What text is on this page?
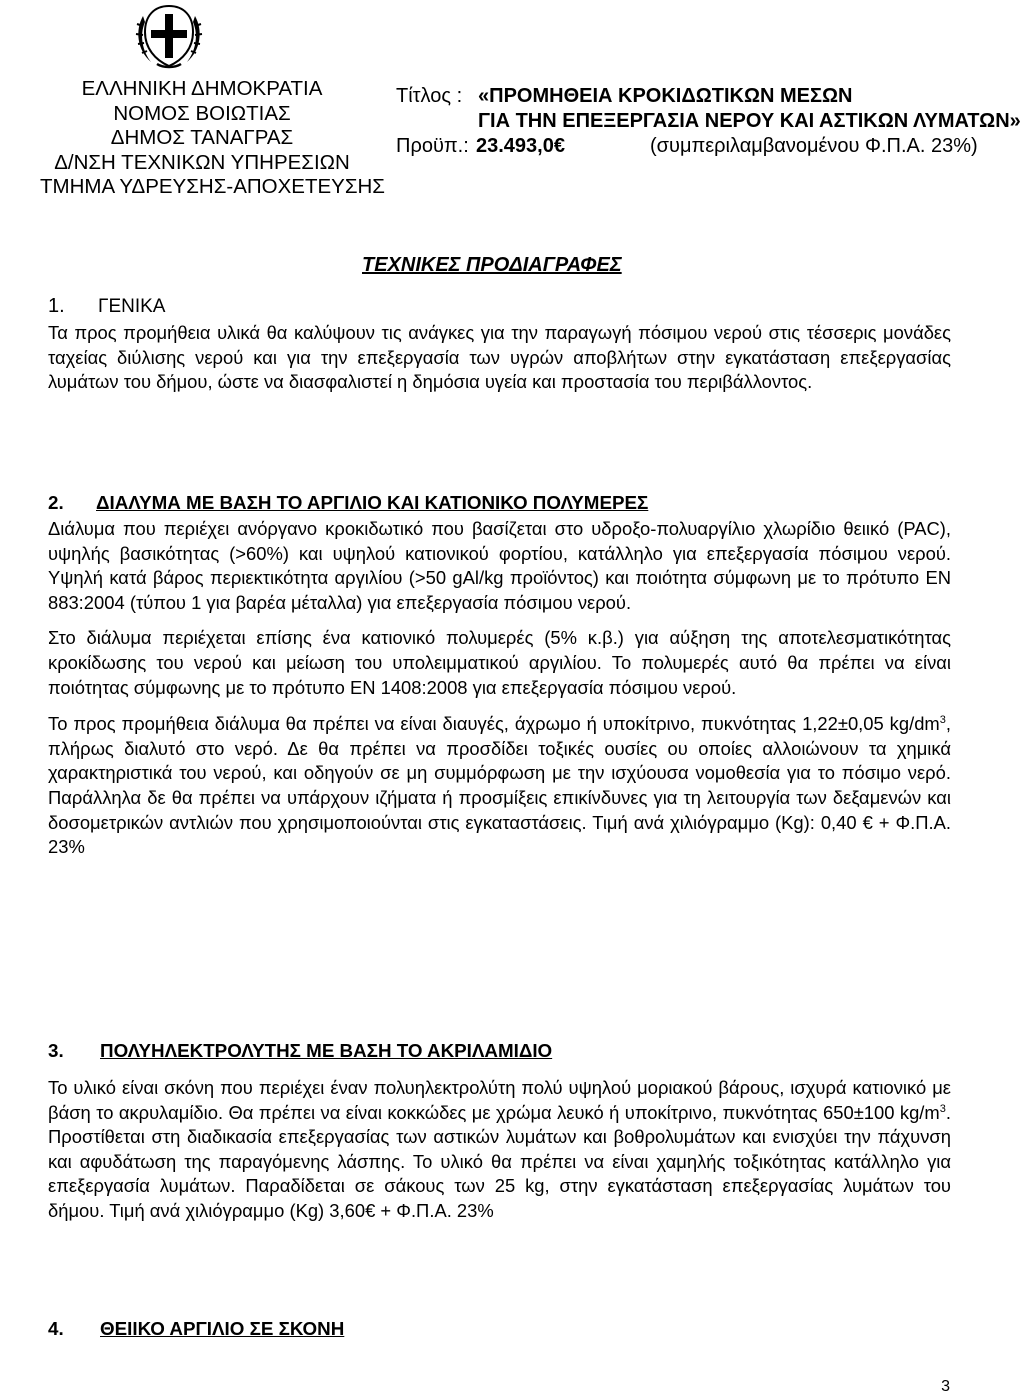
ΕΛΛΗΝΙΚΗ ΔΗΜΟΚΡΑΤΙΑ
ΝΟΜΟΣ ΒΟΙΩΤΙΑΣ
ΔΗΜΟΣ ΤΑΝΑΓΡΑΣ
Δ/ΝΣΗ ΤΕΧΝΙΚΩΝ ΥΠΗΡΕΣΙΩΝ
ΤΜΗΜΑ ΥΔΡΕΥΣΗΣ-ΑΠΟΧΕΤΕΥΣΗΣ
Τίτλος : «ΠΡΟΜΗΘΕΙΑ ΚΡΟΚΙΔΩΤΙΚΩΝ ΜΕΣΩΝ
ΓΙΑ ΤΗΝ ΕΠΕΞΕΡΓΑΣΙΑ ΝΕΡΟΥ ΚΑΙ ΑΣΤΙΚΩΝ ΛΥΜΑΤΩΝ»
Προϋπ.: 23.493,0€	(συμπεριλαμβανομένου Φ.Π.Α. 23%)
ΤΕΧΝΙΚΕΣ ΠΡΟΔΙΑΓΡΑΦΕΣ
1. ΓΕΝΙΚΑ

Τα προς προμήθεια υλικά θα καλύψουν τις ανάγκες για την παραγωγή πόσιμου νερού στις τέσσερις μονάδες ταχείας διύλισης νερού και για την επεξεργασία των υγρών αποβλήτων στην εγκατάσταση επεξεργασίας λυμάτων του δήμου, ώστε να διασφαλιστεί η δημόσια υγεία και προστασία του περιβάλλοντος.

2. ΔΙΑΛΥΜΑ ΜΕ ΒΑΣΗ ΤΟ ΑΡΓΙΛΙΟ ΚΑΙ ΚΑΤΙΟΝΙΚΟ ΠΟΛΥΜΕΡΕΣ

Διάλυμα που περιέχει ανόργανο κροκιδωτικό που βασίζεται στο υδροξο-πολυαργίλιο χλωρίδιο θειικό (PAC), υψηλής βασικότητας (>60%) και υψηλού κατιονικού φορτίου, κατάλληλο για επεξεργασία πόσιμου νερού. Υψηλή κατά βάρος περιεκτικότητα αργιλίου (>50 gAl/kg προϊόντος) και ποιότητα σύμφωνη με το πρότυπο EN 883:2004 (τύπου 1 για βαρέα μέταλλα) για επεξεργασία πόσιμου νερού.

Στο διάλυμα περιέχεται επίσης ένα κατιονικό πολυμερές (5% κ.β.) για αύξηση της αποτελεσματικότητας κροκίδωσης του νερού και μείωση του υπολειμματικού αργιλίου. Το πολυμερές αυτό θα πρέπει να είναι ποιότητας σύμφωνης με το πρότυπο EN 1408:2008 για επεξεργασία πόσιμου νερού.

Το προς προμήθεια διάλυμα θα πρέπει να είναι διαυγές, άχρωμο ή υποκίτρινο, πυκνότητας 1,22±0,05 $kg/dm^3$, πλήρως διαλυτό στο νερό. Δε θα πρέπει να προσδίδει τοξικές ουσίες ου οποίες αλλοιώνουν τα χημικά χαρακτηριστικά του νερού, και οδηγούν σε μη συμμόρφωση με την ισχύουσα νομοθεσία για το πόσιμο νερό. Παράλληλα δε θα πρέπει να υπάρχουν ιζήματα ή προσμίξεις επικίνδυνες για τη λειτουργία των δεξαμενών και δοσομετρικών αντλιών που χρησιμοποιούνται στις εγκαταστάσεις. Τιμή ανά χιλιόγραμμο (Kg): 0,40 € + Φ.Π.Α. 23%

3. ΠΟΛΥΗΛΕΚΤΡΟΛΥΤΗΣ ΜΕ ΒΑΣΗ ΤΟ ΑΚΡΙΛΑΜΙΔΙΟ

Το υλικό είναι σκόνη που περιέχει έναν πολυηλεκτρολύτη πολύ υψηλού μοριακού βάρους, ισχυρά κατιονικό με βάση το ακρυλαμίδιο. Θα πρέπει να είναι κοκκώδες με χρώμα λευκό ή υποκίτρινο, πυκνότητας 650±100 $kg/m^3$. Προστίθεται στη διαδικασία επεξεργασίας των αστικών λυμάτων και βοθρολυμάτων και ενισχύει την πάχυνση και αφυδάτωση της παραγόμενης λάσπης. Το υλικό θα πρέπει να είναι χαμηλής τοξικότητας κατάλληλο για επεξεργασία λυμάτων. Παραδίδεται σε σάκους των 25 kg, στην εγκατάσταση επεξεργασίας λυμάτων του δήμου. Τιμή ανά χιλιόγραμμο (Kg) 3,60€ + Φ.Π.Α. 23%

4. ΘΕΙΙΚΟ ΑΡΓΙΛΙΟ ΣΕ ΣΚΟΝΗ
3
